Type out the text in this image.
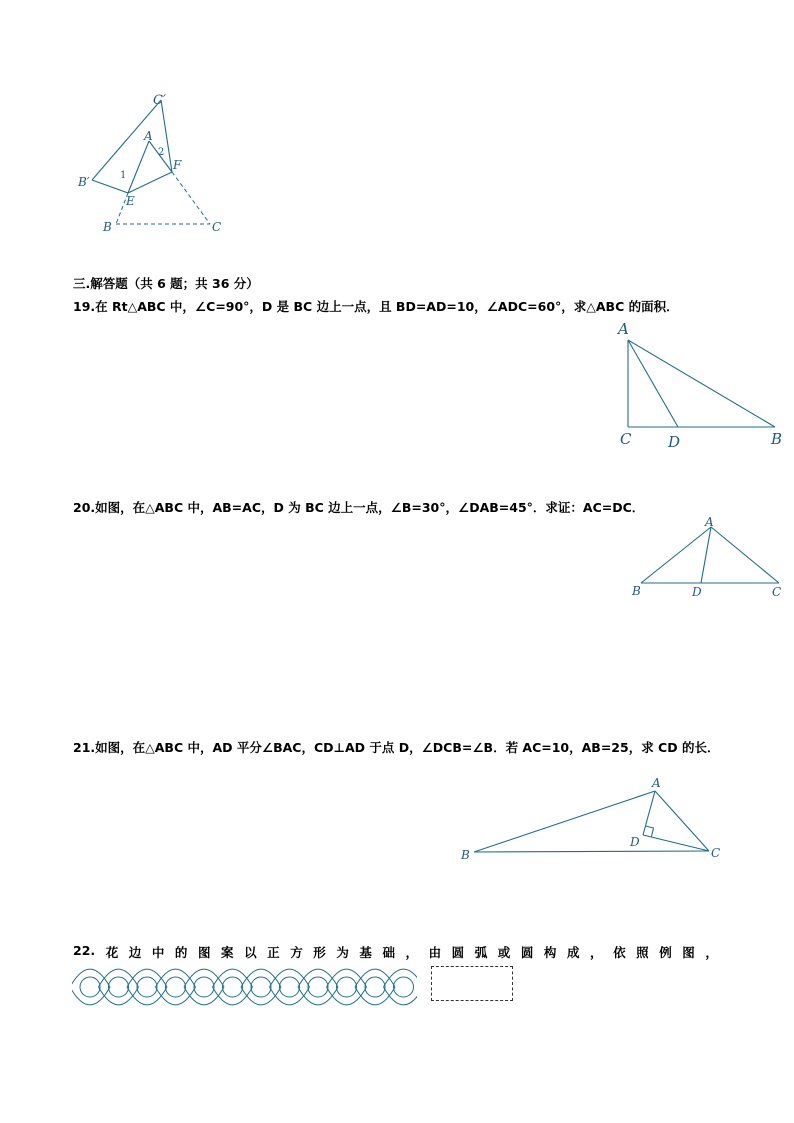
C′
A
2
F
B′	1
E
B	C
三.解答题（共 6 题；共 36 分）
19.在 Rt△ABC 中，∠C=90°，D 是 BC 边上一点，且 BD=AD=10，∠ADC=60°，求△ABC 的面积．
A
C D	B
20.如图，在△ABC 中，AB=AC，D 为 BC 边上一点，∠B=30°，∠DAB=45°．求证：AC=DC．
A
B	D	C
21.如图，在△ABC 中，AD 平分∠BAC，CD⊥AD 于点 D，∠DCB=∠B．若 AC=10，AB=25，求 CD 的长．
A
D
B	C
22. 花 边 中 的 图 案 以 正 方 形 为 基 础 ， 由 圆 弧 或 圆 构 成 ， 依 照 例 图 ，
